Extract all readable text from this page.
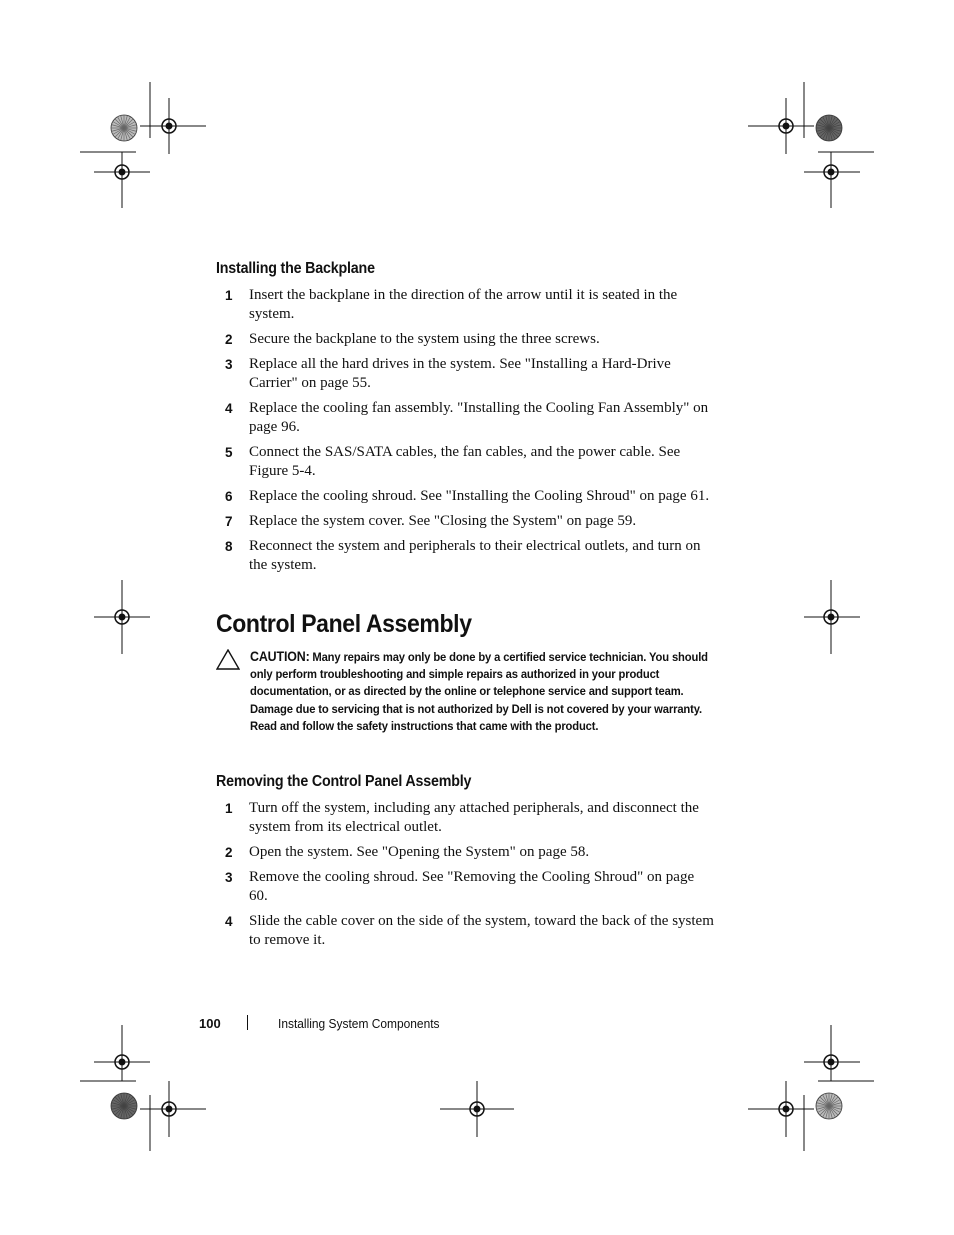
Installing the Backplane
1 Insert the backplane in the direction of the arrow until it is seated in the system.
2 Secure the backplane to the system using the three screws.
3 Replace all the hard drives in the system. See "Installing a Hard-Drive Carrier" on page 55.
4 Replace the cooling fan assembly. "Installing the Cooling Fan Assembly" on page 96.
5 Connect the SAS/SATA cables, the fan cables, and the power cable. See Figure 5-4.
6 Replace the cooling shroud. See "Installing the Cooling Shroud" on page 61.
7 Replace the system cover. See "Closing the System" on page 59.
8 Reconnect the system and peripherals to their electrical outlets, and turn on the system.
Control Panel Assembly
CAUTION: Many repairs may only be done by a certified service technician. You should only perform troubleshooting and simple repairs as authorized in your product documentation, or as directed by the online or telephone service and support team. Damage due to servicing that is not authorized by Dell is not covered by your warranty. Read and follow the safety instructions that came with the product.
Removing the Control Panel Assembly
1 Turn off the system, including any attached peripherals, and disconnect the system from its electrical outlet.
2 Open the system. See "Opening the System" on page 58.
3 Remove the cooling shroud. See "Removing the Cooling Shroud" on page 60.
4 Slide the cable cover on the side of the system, toward the back of the system to remove it.
100	Installing System Components
